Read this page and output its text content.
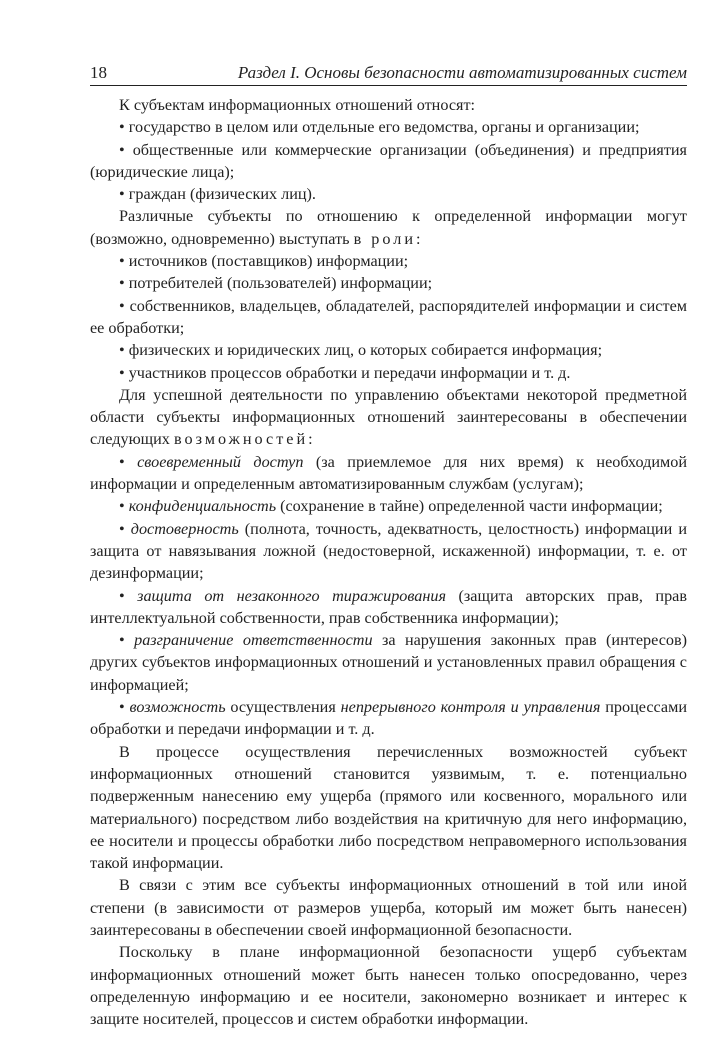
18	Раздел I. Основы безопасности автоматизированных систем

К субъектам информационных отношений относят:

• государство в целом или отдельные его ведомства, органы и организации;

• общественные или коммерческие организации (объединения) и предприятия (юридические лица);

• граждан (физических лиц).

Различные субъекты по отношению к определенной информации могут (возможно, одновременно) выступать в роли:

• источников (поставщиков) информации;

• потребителей (пользователей) информации;

• собственников, владельцев, обладателей, распорядителей информации и систем ее обработки;

• физических и юридических лиц, о которых собирается информация;

• участников процессов обработки и передачи информации и т. д.

Для успешной деятельности по управлению объектами некоторой предметной области субъекты информационных отношений заинтересованы в обеспечении следующих возможностей:

• своевременный доступ (за приемлемое для них время) к необходимой информации и определенным автоматизированным службам (услугам);

• конфиденциальность (сохранение в тайне) определенной части информации;

• достоверность (полнота, точность, адекватность, целостность) информации и защита от навязывания ложной (недостоверной, искаженной) информации, т. е. от дезинформации;

• защита от незаконного тиражирования (защита авторских прав, прав интеллектуальной собственности, прав собственника информации);

• разграничение ответственности за нарушения законных прав (интересов) других субъектов информационных отношений и установленных правил обращения с информацией;

• возможность осуществления непрерывного контроля и управления процессами обработки и передачи информации и т. д.

В процессе осуществления перечисленных возможностей субъект информационных отношений становится уязвимым, т. е. потенциально подверженным нанесению ему ущерба (прямого или косвенного, морального или материального) посредством либо воздействия на критичную для него информацию, ее носители и процессы обработки либо посредством неправомерного использования такой информации.

В связи с этим все субъекты информационных отношений в той или иной степени (в зависимости от размеров ущерба, который им может быть нанесен) заинтересованы в обеспечении своей информационной безопасности.

Поскольку в плане информационной безопасности ущерб субъектам информационных отношений может быть нанесен только опосредованно, через определенную информацию и ее носители, закономерно возникает и интерес к защите носителей, процессов и систем обработки информации.
